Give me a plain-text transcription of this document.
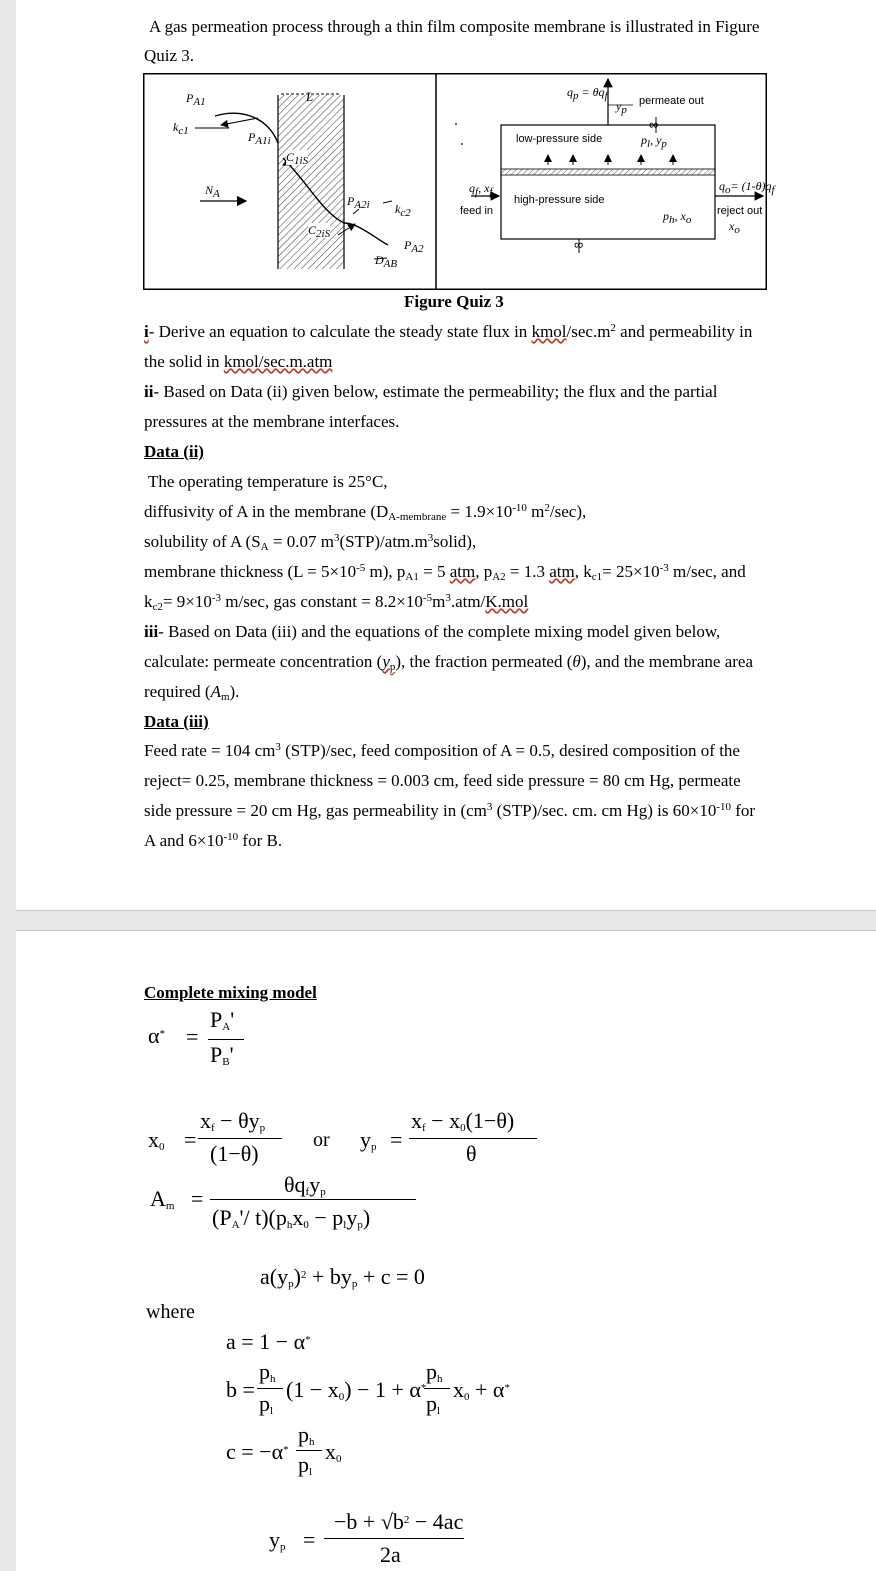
A gas permeation process through a thin film composite membrane is illustrated in Figure
Quiz 3.
$P_{A1}$
$k_{c1}$	$P_{A1i}$
L
$C_{1iS}$
$N_A$	$P_{A2i}$ $k_{c2}$
$C_{2iS}$
$P_{A2}$
$D_{AB}$
$q_p = \theta q_f$
$y_p$
permeate out
∞
low-pressure side	$p_l$, $y_p$
$q_f$, $x_f$
feed in
high-pressure side
$p_h$, $x_o$
$q_o= (1-\theta)q_f$
reject out
$x_o$
∞
Figure Quiz 3
i- Derive an equation to calculate the steady state flux in kmol/$\sec.m^2$ and permeability in
the solid in kmol/sec.m.atm
ii- Based on Data (ii) given below, estimate the permeability; the flux and the partial
pressures at the membrane interfaces.
Data (ii)
The operating temperature is 25°C,
diffusivity of A in the membrane ($D_{A-membrane} = 1.9\times 10^{-10}$ $m^2/\sec$),
solubility of A ($S_A = 0.07$ $m^3(STP)/atm.m^3solid$),
membrane thickness ($L = 5\times 10^{-5}$ m), $p_{A1} = 5$ atm, $p_{A2} = 1.3$ atm, $k_{c1}= 25\times 10^{-3}$ m/sec, and
$k_{c2}= 9\times 10^{-3}$ m/sec, gas constant = $8.2\times 10^{-5}m^3.atm/K.mol$
iii- Based on Data (iii) and the equations of the complete mixing model given below,
calculate: permeate concentration $(y_p)$, the fraction permeated (θ), and the membrane area
required $(A_m)$.
Data (iii)
Feed rate = 104 $cm^3$ (STP)/sec, feed composition of A = 0.5, desired composition of the
reject= 0.25, membrane thickness = 0.003 cm, feed side pressure = 80 cm Hg, permeate
side pressure = 20 cm Hg, gas permeability in ($cm^3$ (STP)/sec. cm. cm Hg) is $60\times 10^{-10}$ for
A and $6\times 10^{-10}$ for B.
Complete mixing model
α* =
$P_A'$
$P_B'$
$x_0$ =
$x_f - \theta y_p$
(1−θ)
or $y_p$ =
$x_f - x_0(1-\theta)$
θ
$A_m$ =
$\theta q_fy_p$
($P_A'/$ $t)(p_hx_0 - p_ly_p)$
$a(y_p)^2 + by_p + c = 0$
where
a = 1 − α*
b =
$p_h$
$p_l$
$(1 - x_0) - 1 + \alpha^*$
$p_h$
$p_l$
$x_0 + \alpha^*$
c = −α*
$p_h$
$p_l$
$x_0$
$y_p$ =
$-b + √b^2 - 4ac$
2a
